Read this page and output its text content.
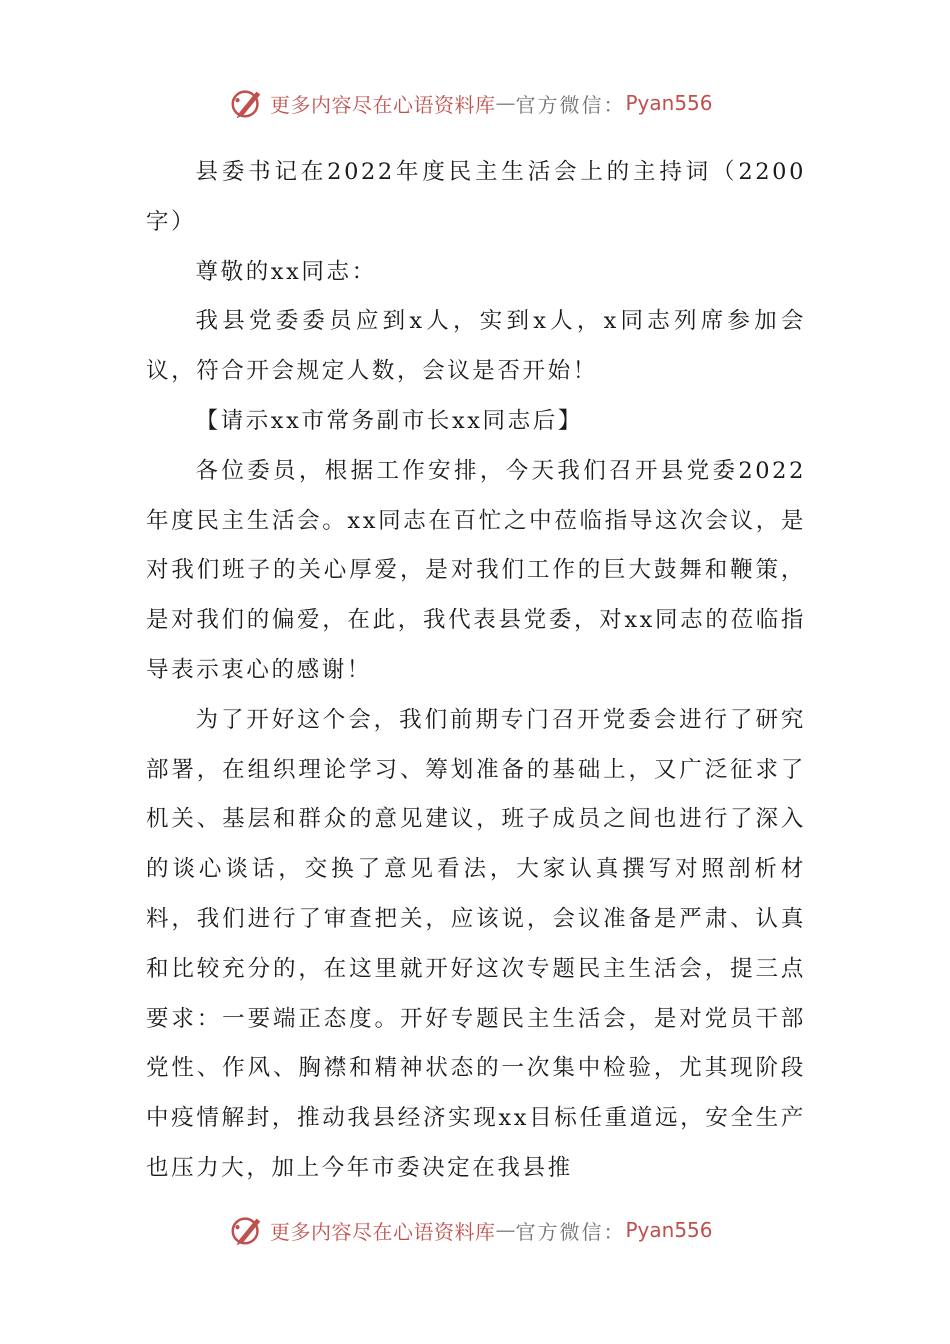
更多内容尽在心语资料库 — 官方微信： Pyan556

县委书记在2022年度民主生活会上的主持词（2200字）

尊敬的xx同志：

我县党委委员应到x人，实到x人，x同志列席参加会议，符合开会规定人数，会议是否开始！

【请示xx市常务副市长xx同志后】

各位委员，根据工作安排，今天我们召开县党委2022年度民主生活会。xx同志在百忙之中莅临指导这次会议，是对我们班子的关心厚爱，是对我们工作的巨大鼓舞和鞭策，是对我们的偏爱，在此，我代表县党委，对xx同志的莅临指导表示衷心的感谢！

为了开好这个会，我们前期专门召开党委会进行了研究部署，在组织理论学习、筹划准备的基础上，又广泛征求了机关、基层和群众的意见建议，班子成员之间也进行了深入的谈心谈话，交换了意见看法，大家认真撰写对照剖析材料，我们进行了审查把关，应该说，会议准备是严肃、认真和比较充分的，在这里就开好这次专题民主生活会，提三点要求：一要端正态度。开好专题民主生活会，是对党员干部党性、作风、胸襟和精神状态的一次集中检验，尤其现阶段中疫情解封，推动我县经济实现xx目标任重道远，安全生产也压力大，加上今年市委决定在我县推

更多内容尽在心语资料库 — 官方微信： Pyan556
